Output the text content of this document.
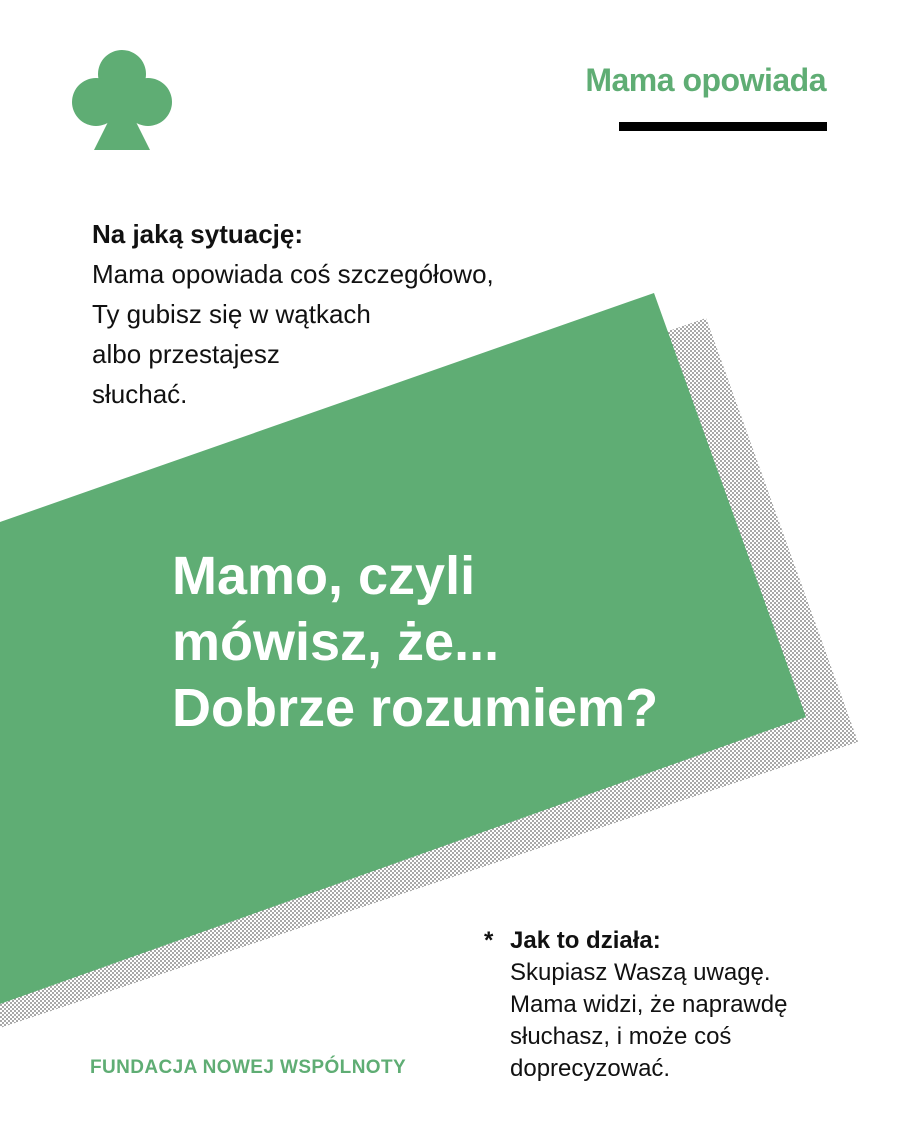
Mama opowiada
Na jaką sytuację:
Mama opowiada coś szczegółowo,
Ty gubisz się w wątkach
albo przestajesz
słuchać.
Mamo, czyli
mówisz, że...
Dobrze rozumiem?
* Jak to działa:
Skupiasz Waszą uwagę.
Mama widzi, że naprawdę
słuchasz, i może coś
doprecyzować.
FUNDACJA NOWEJ WSPÓLNOTY
